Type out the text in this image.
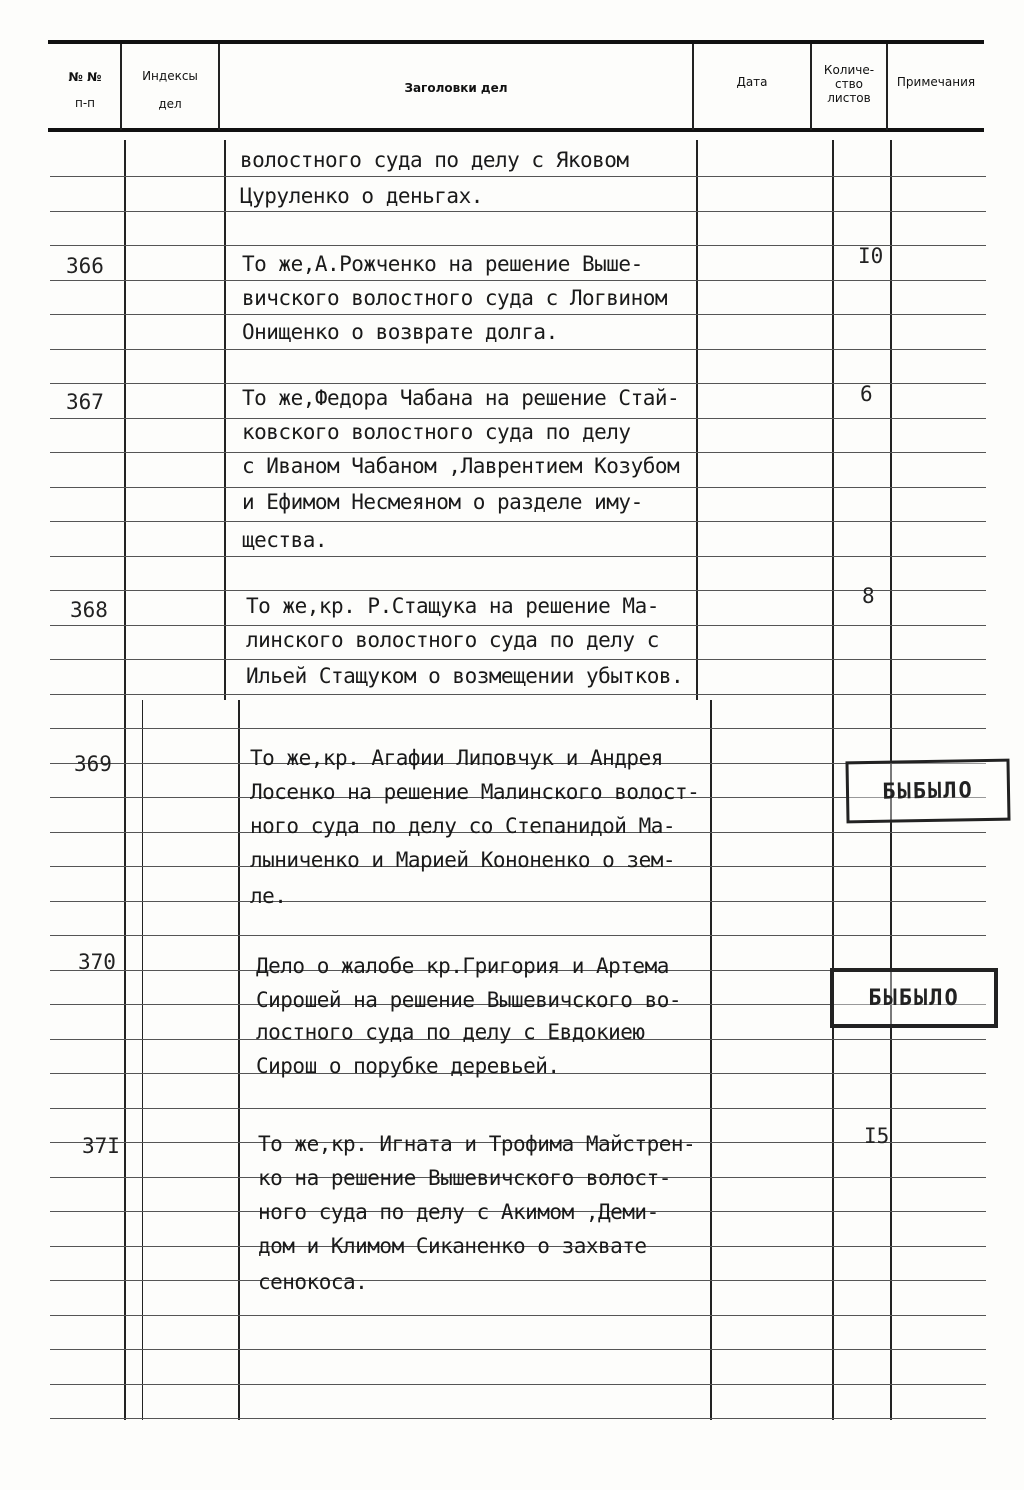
№ №
п-п
Индексы
дел
Заголовки дел	Дата
Количе-
ство
листов
Примечания
366
367
368
369
370
37I
I0
6
8
I5
БЫБЫЛО
БЫБЫЛО
волостного суда по делу с Яковом
Цуруленко о деньгах.
То же,А.Рожченко на решение Выше-
вичского волостного суда с Логвином
Онищенко о возврате долга.
То же,Федора Чабана на решение Стай-
ковского волостного суда по делу
с Иваном Чабаном ,Лаврентием Козубом
и Ефимом Несмеяном о разделе иму-
щества.
То же,кр. Р.Стащука на решение Ма-
линского волостного суда по делу с
Ильей Стащуком о возмещении убытков.
То же,кр. Агафии Липовчук и Андрея
Лосенко на решение Малинского волост-
ного суда по делу со Степанидой Ма-
лыниченко и Марией Кононенко о зем-
ле.
Дело о жалобе кр.Григория и Артема
Сирошей на решение Вышевичского во-
лостного суда по делу с Евдокиею
Сирош о порубке деревьей.
То же,кр. Игната и Трофима Майстрен-
ко на решение Вышевичского волост-
ного суда по делу с Акимом ,Деми-
дом и Климом Сиканенко о захвате
сенокоса.
